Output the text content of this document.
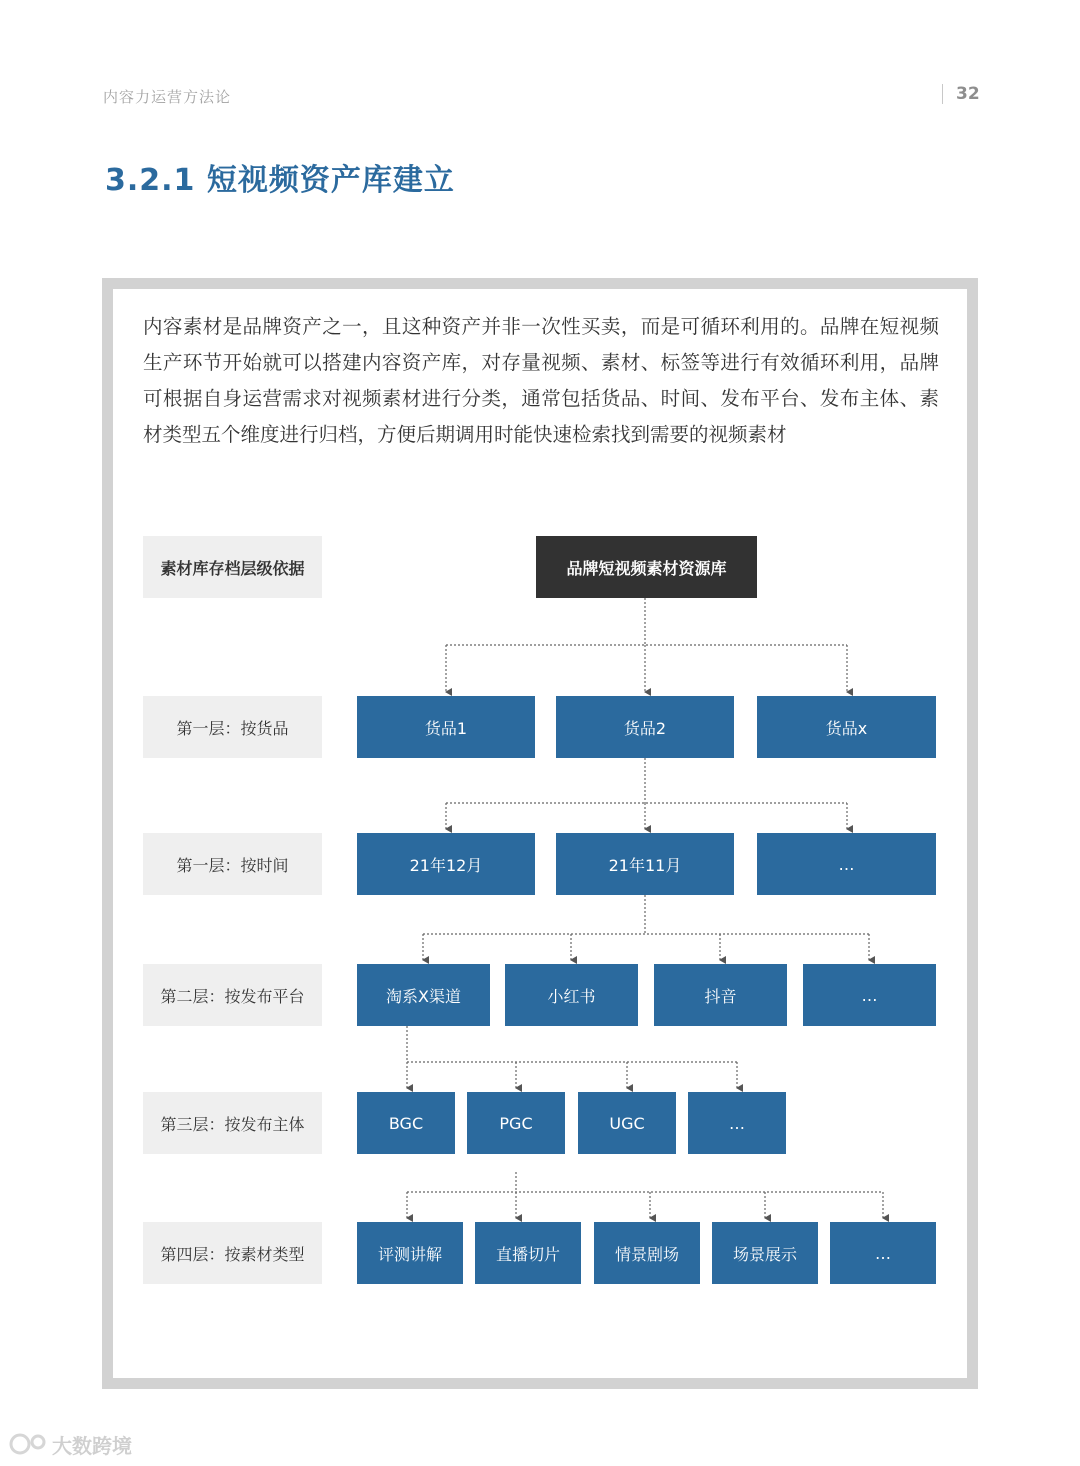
内容力运营方法论	32
3.2.1 短视频资产库建立

内容素材是品牌资产之一，且这种资产并非一次性买卖，而是可循环利用的。品牌在短视频生产环节开始就可以搭建内容资产库，对存量视频、素材、标签等进行有效循环利用，品牌可根据自身运营需求对视频素材进行分类，通常包括货品、时间、发布平台、发布主体、素材类型五个维度进行归档，方便后期调用时能快速检索找到需要的视频素材

素材库存档层级依据
第一层：按货品
第一层：按时间
第二层：按发布平台
第三层：按发布主体
第四层：按素材类型
品牌短视频素材资源库
货品1	货品2	货品x
21年12月	21年11月	…
淘系X渠道	小红书	抖音	…
BGC	PGC	UGC	…
评测讲解	直播切片	情景剧场	场景展示	…
大数跨境
